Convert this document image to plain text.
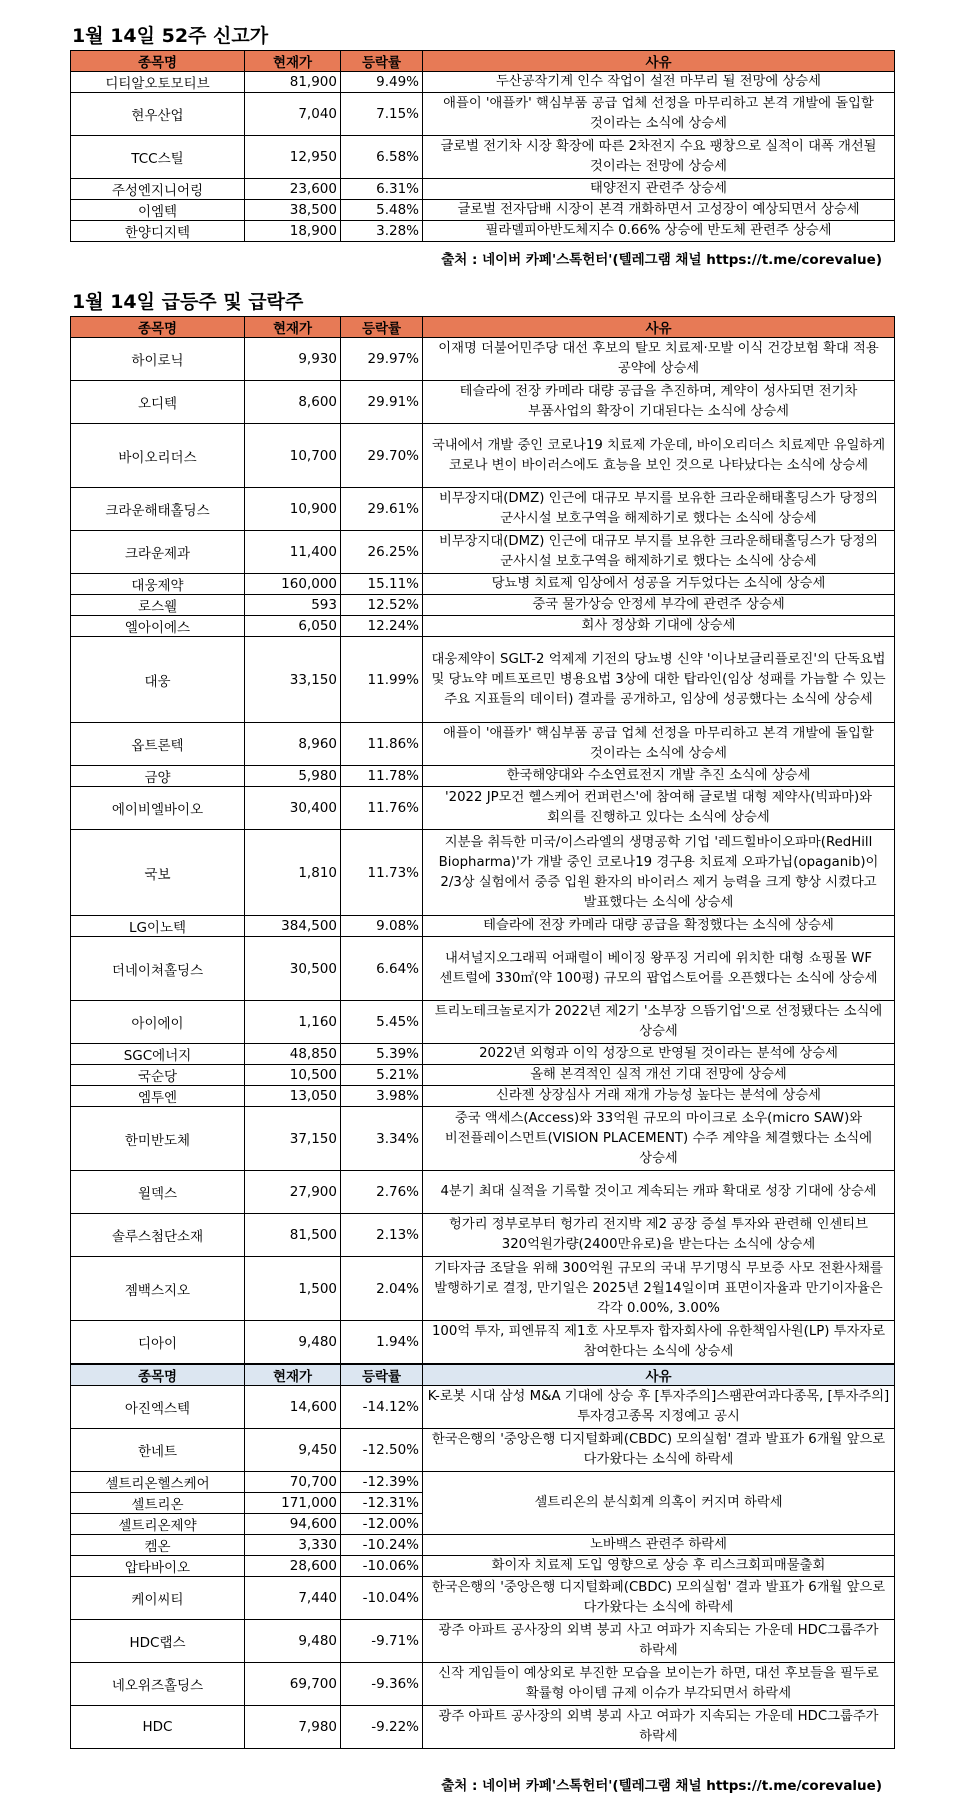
1월 14일 52주 신고가
종목명	현재가	등락률	사유
디티알오토모티브	81,900	9.49%	두산공작기계 인수 작업이 설전 마무리 될 전망에 상승세
현우산업	7,040	7.15%	애플이 '애플카' 핵심부품 공급 업체 선정을 마무리하고 본격 개발에 돌입할 것이라는 소식에 상승세
TCC스틸	12,950	6.58%	글로벌 전기차 시장 확장에 따른 2차전지 수요 팽창으로 실적이 대폭 개선될 것이라는 전망에 상승세
주성엔지니어링	23,600	6.31%	태양전지 관련주 상승세
이엠텍	38,500	5.48%	글로벌 전자담배 시장이 본격 개화하면서 고성장이 예상되면서 상승세
한양디지텍	18,900	3.28%	필라델피아반도체지수 0.66% 상승에 반도체 관련주 상승세
출처 : 네이버 카페'스톡헌터'(텔레그램 채널 https://t.me/corevalue)
1월 14일 급등주 및 급락주
종목명	현재가	등락률	사유
하이로닉	9,930	29.97%	이재명 더불어민주당 대선 후보의 탈모 치료제·모발 이식 건강보험 확대 적용 공약에 상승세
오디텍	8,600	29.91%	테슬라에 전장 카메라 대량 공급을 추진하며, 계약이 성사되면 전기차 부품사업의 확장이 기대된다는 소식에 상승세
바이오리더스	10,700	29.70%	국내에서 개발 중인 코로나19 치료제 가운데, 바이오리더스 치료제만 유일하게 코로나 변이 바이러스에도 효능을 보인 것으로 나타났다는 소식에 상승세
크라운해태홀딩스	10,900	29.61%	비무장지대(DMZ) 인근에 대규모 부지를 보유한 크라운해태홀딩스가 당정의 군사시설 보호구역을 해제하기로 했다는 소식에 상승세
크라운제과	11,400	26.25%	비무장지대(DMZ) 인근에 대규모 부지를 보유한 크라운해태홀딩스가 당정의 군사시설 보호구역을 해제하기로 했다는 소식에 상승세
대웅제약	160,000	15.11%	당뇨병 치료제 임상에서 성공을 거두었다는 소식에 상승세
로스웰	593	12.52%	중국 물가상승 안정세 부각에 관련주 상승세
엘아이에스	6,050	12.24%	회사 정상화 기대에 상승세
대웅	33,150	11.99%	대웅제약이 SGLT-2 억제제 기전의 당뇨병 신약 '이나보글리플로진'의 단독요법 및 당뇨약 메트포르민 병용요법 3상에 대한 탑라인(임상 성패를 가늠할 수 있는 주요 지표들의 데이터) 결과를 공개하고, 임상에 성공했다는 소식에 상승세
옵트론텍	8,960	11.86%	애플이 '애플카' 핵심부품 공급 업체 선정을 마무리하고 본격 개발에 돌입할 것이라는 소식에 상승세
금양	5,980	11.78%	한국해양대와 수소연료전지 개발 추진 소식에 상승세
에이비엘바이오	30,400	11.76%	'2022 JP모건 헬스케어 컨퍼런스'에 참여해 글로벌 대형 제약사(빅파마)와 회의를 진행하고 있다는 소식에 상승세
국보	1,810	11.73%	지분을 취득한 미국/이스라엘의 생명공학 기업 '레드힐바이오파마(RedHill Biopharma)'가 개발 중인 코로나19 경구용 치료제 오파가닙(opaganib)이 2/3상 실험에서 중증 입원 환자의 바이러스 제거 능력을 크게 향상 시켰다고 발표했다는 소식에 상승세
LG이노텍	384,500	9.08%	테슬라에 전장 카메라 대량 공급을 확정했다는 소식에 상승세
더네이쳐홀딩스	30,500	6.64%	내셔널지오그래픽 어패럴이 베이징 왕푸징 거리에 위치한 대형 쇼핑몰 WF 센트럴에 330㎡(약 100평) 규모의 팝업스토어를 오픈했다는 소식에 상승세
아이에이	1,160	5.45%	트리노테크놀로지가 2022년 제2기 '소부장 으뜸기업'으로 선정됐다는 소식에 상승세
SGC에너지	48,850	5.39%	2022년 외형과 이익 성장으로 반영될 것이라는 분석에 상승세
국순당	10,500	5.21%	올해 본격적인 실적 개선 기대 전망에 상승세
엠투엔	13,050	3.98%	신라젠 상장심사 거래 재개 가능성 높다는 분석에 상승세
한미반도체	37,150	3.34%	중국 액세스(Access)와 33억원 규모의 마이크로 소우(micro SAW)와 비전플레이스먼트(VISION PLACEMENT) 수주 계약을 체결했다는 소식에 상승세
윌덱스	27,900	2.76%	4분기 최대 실적을 기록할 것이고 계속되는 캐파 확대로 성장 기대에 상승세
솔루스첨단소재	81,500	2.13%	헝가리 정부로부터 헝가리 전지박 제2 공장 증설 투자와 관련해 인센티브 320억원가량(2400만유로)을 받는다는 소식에 상승세
젬백스지오	1,500	2.04%	기타자금 조달을 위해 300억원 규모의 국내 무기명식 무보증 사모 전환사채를 발행하기로 결정, 만기일은 2025년 2월14일이며 표면이자율과 만기이자율은 각각 0.00%, 3.00%
디아이	9,480	1.94%	100억 투자, 피엔뮤직 제1호 사모투자 합자회사에 유한책임사원(LP) 투자자로 참여한다는 소식에 상승세
종목명	현재가	등락률	사유
아진엑스텍	14,600	-14.12%	K-로봇 시대 삼성 M&A 기대에 상승 후 [투자주의]스팸관여과다종목, [투자주의]투자경고종목 지정예고 공시
한네트	9,450	-12.50%	한국은행의 '중앙은행 디지털화폐(CBDC) 모의실험' 결과 발표가 6개월 앞으로 다가왔다는 소식에 하락세
셀트리온헬스케어	70,700	-12.39%	셀트리온의 분식회계 의혹이 커지며 하락세
셀트리온	171,000	-12.31%	
셀트리온제약	94,600	-12.00%	
켐온	3,330	-10.24%	노바백스 관련주 하락세
압타바이오	28,600	-10.06%	화이자 치료제 도입 영향으로 상승 후 리스크회피매물출회
케이씨티	7,440	-10.04%	한국은행의 '중앙은행 디지털화폐(CBDC) 모의실험' 결과 발표가 6개월 앞으로 다가왔다는 소식에 하락세
HDC랩스	9,480	-9.71%	광주 아파트 공사장의 외벽 붕괴 사고 여파가 지속되는 가운데 HDC그룹주가 하락세
네오위즈홀딩스	69,700	-9.36%	신작 게임들이 예상외로 부진한 모습을 보이는가 하면, 대선 후보들을 필두로 확률형 아이템 규제 이슈가 부각되면서 하락세
HDC	7,980	-9.22%	광주 아파트 공사장의 외벽 붕괴 사고 여파가 지속되는 가운데 HDC그룹주가 하락세
출처 : 네이버 카페'스톡헌터'(텔레그램 채널 https://t.me/corevalue)
